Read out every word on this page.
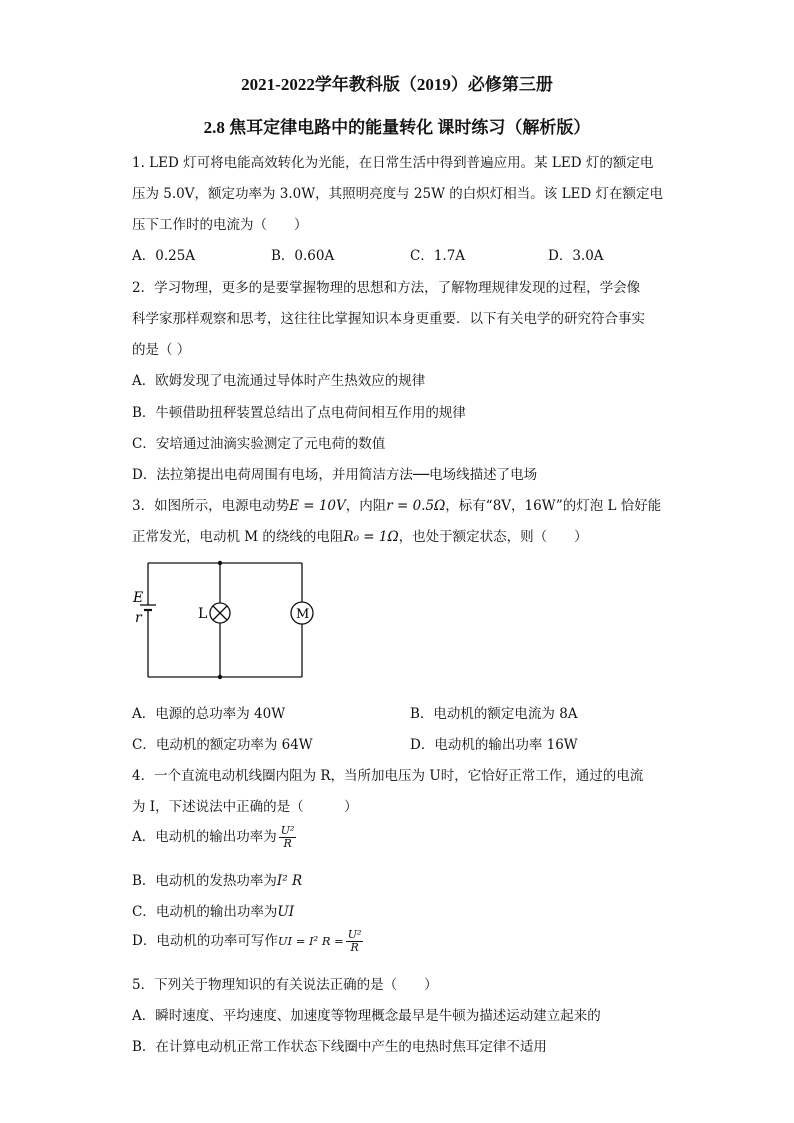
2021-2022学年教科版（2019）必修第三册
2.8 焦耳定律电路中的能量转化 课时练习（解析版）
1. LED 灯可将电能高效转化为光能，在日常生活中得到普遍应用。某 LED 灯的额定电
压为 5.0V，额定功率为 3.0W，其照明亮度与 25W 的白炽灯相当。该 LED 灯在额定电
压下工作时的电流为（　　）
A．0.25A	B．0.60A	C．1.7A	D．3.0A
2．学习物理，更多的是要掌握物理的思想和方法，了解物理规律发现的过程，学会像
科学家那样观察和思考，这往往比掌握知识本身更重要．以下有关电学的研究符合事实
的是（ ）
A．欧姆发现了电流通过导体时产生热效应的规律
B．牛顿借助扭秤装置总结出了点电荷间相互作用的规律
C．安培通过油滴实验测定了元电荷的数值
D．法拉第提出电荷周围有电场，并用简洁方法──电场线描述了电场
3．如图所示，电源电动势E = 10V，内阻r = 0.5Ω，标有“8V，16W”的灯泡 L 恰好能
正常发光，电动机 M 的绕线的电阻R₀ = 1Ω，也处于额定状态，则（　　）
E
r	L	M
A．电源的总功率为 40W	B．电动机的额定电流为 8A
C．电动机的额定功率为 64W	D．电动机的输出功率 16W
4．一个直流电动机线圈内阻为 R，当所加电压为 U时，它恰好正常工作，通过的电流
为 I，下述说法中正确的是（　　　）
A．电动机的输出功率为 $\frac{\text{U²}}{R}$
B．电动机的发热功率为I² R
C．电动机的输出功率为UI
D．电动机的功率可写作UI = I² $R = \frac{\text{U²}}{R}$
5．下列关于物理知识的有关说法正确的是（　　）
A．瞬时速度、平均速度、加速度等物理概念最早是牛顿为描述运动建立起来的
B．在计算电动机正常工作状态下线圈中产生的电热时焦耳定律不适用
